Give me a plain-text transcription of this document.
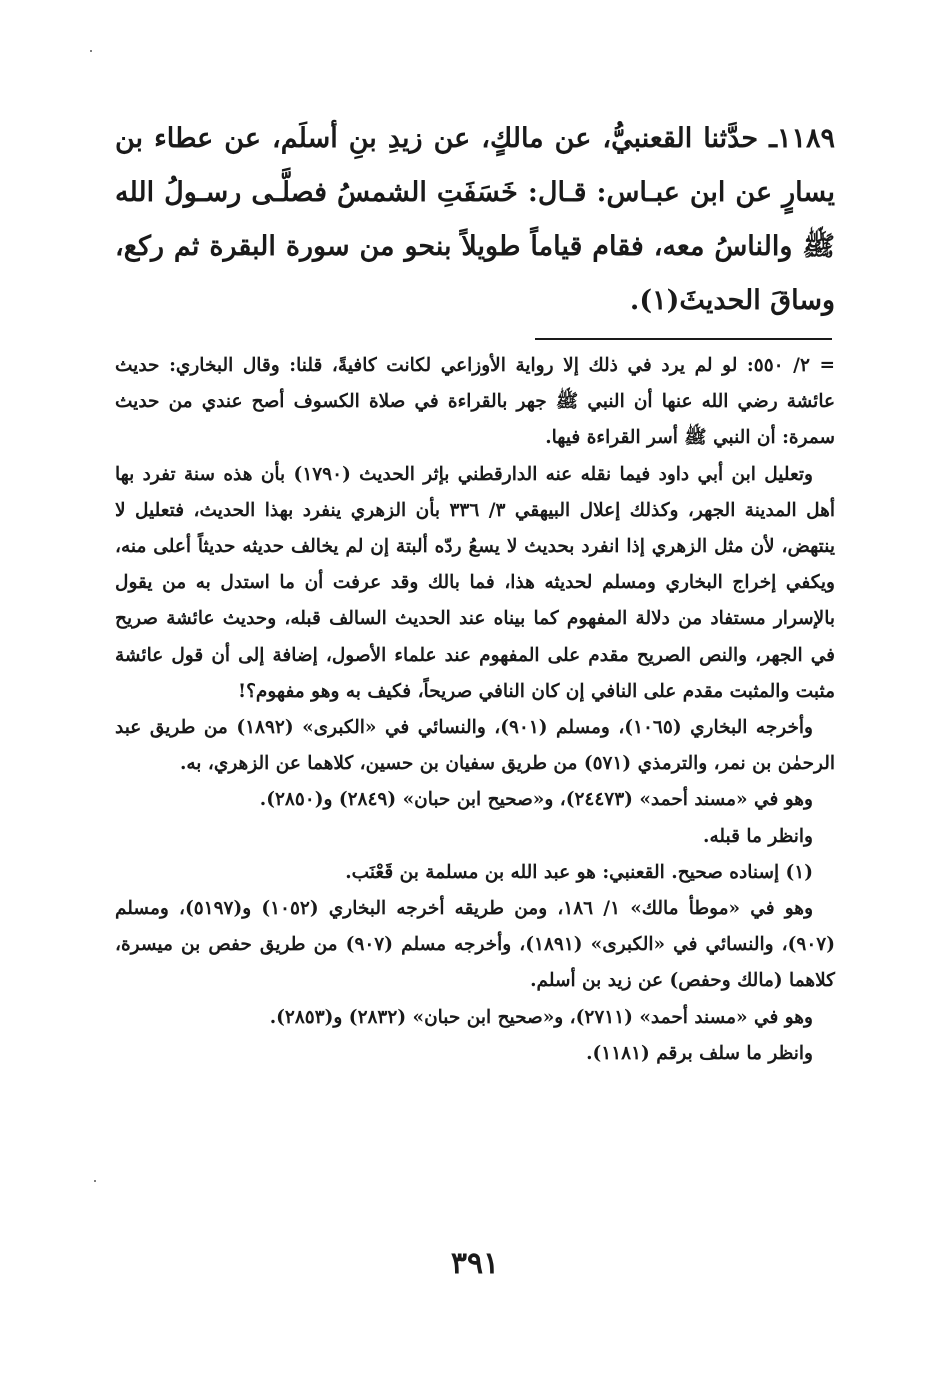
١١٨٩ـ حدَّثنا القعنبيُّ، عن مالكٍ، عن زيدِ بنِ أسلَم، عن عطاء بن يسارٍ عن ابن عبـاس: قـال: خَسَفَتِ الشمسُ فصلَّـى رسـولُ الله ﷺ والناسُ معه، فقام قياماً طويلاً بنحو من سورة البقرة ثم ركع، وساقَ الحديثَ(١).

= ٢/ ٥٥٠: لو لم يرد في ذلك إلا رواية الأوزاعي لكانت كافيةً، قلنا: وقال البخاري: حديث عائشة رضي الله عنها أن النبي ﷺ جهر بالقراءة في صلاة الكسوف أصح عندي من حديث سمرة: أن النبي ﷺ أسر القراءة فيها.

وتعليل ابن أبي داود فيما نقله عنه الدارقطني بإثر الحديث (١٧٩٠) بأن هذه سنة تفرد بها أهل المدينة الجهر، وكذلك إعلال البيهقي ٣/ ٣٣٦ بأن الزهري ينفرد بهذا الحديث، فتعليل لا ينتهض، لأن مثل الزهري إذا انفرد بحديث لا يسعُ ردّه ألبتة إن لم يخالف حديثه حديثاً أعلى منه، ويكفي إخراج البخاري ومسلم لحديثه هذا، فما بالك وقد عرفت أن ما استدل به من يقول بالإسرار مستفاد من دلالة المفهوم كما بيناه عند الحديث السالف قبله، وحديث عائشة صريح في الجهر، والنص الصريح مقدم على المفهوم عند علماء الأصول، إضافة إلى أن قول عائشة مثبت والمثبت مقدم على النافي إن كان النافي صريحاً، فكيف به وهو مفهوم؟!

وأخرجه البخاري (١٠٦٥)، ومسلم (٩٠١)، والنسائي في «الكبرى» (١٨٩٢) من طريق عبد الرحمٰن بن نمر، والترمذي (٥٧١) من طريق سفيان بن حسين، كلاهما عن الزهري، به.

وهو في «مسند أحمد» (٢٤٤٧٣)، و«صحيح ابن حبان» (٢٨٤٩) و(٢٨٥٠).

وانظر ما قبله.

(١) إسناده صحيح. القعنبي: هو عبد الله بن مسلمة بن قَعْنَب.

وهو في «موطأ مالك» ١/ ١٨٦، ومن طريقه أخرجه البخاري (١٠٥٢) و(٥١٩٧)، ومسلم (٩٠٧)، والنسائي في «الكبرى» (١٨٩١)، وأخرجه مسلم (٩٠٧) من طريق حفص بن ميسرة، كلاهما (مالك وحفص) عن زيد بن أسلم.

وهو في «مسند أحمد» (٢٧١١)، و«صحيح ابن حبان» (٢٨٣٢) و(٢٨٥٣).

وانظر ما سلف برقم (١١٨١).

٣٩١
